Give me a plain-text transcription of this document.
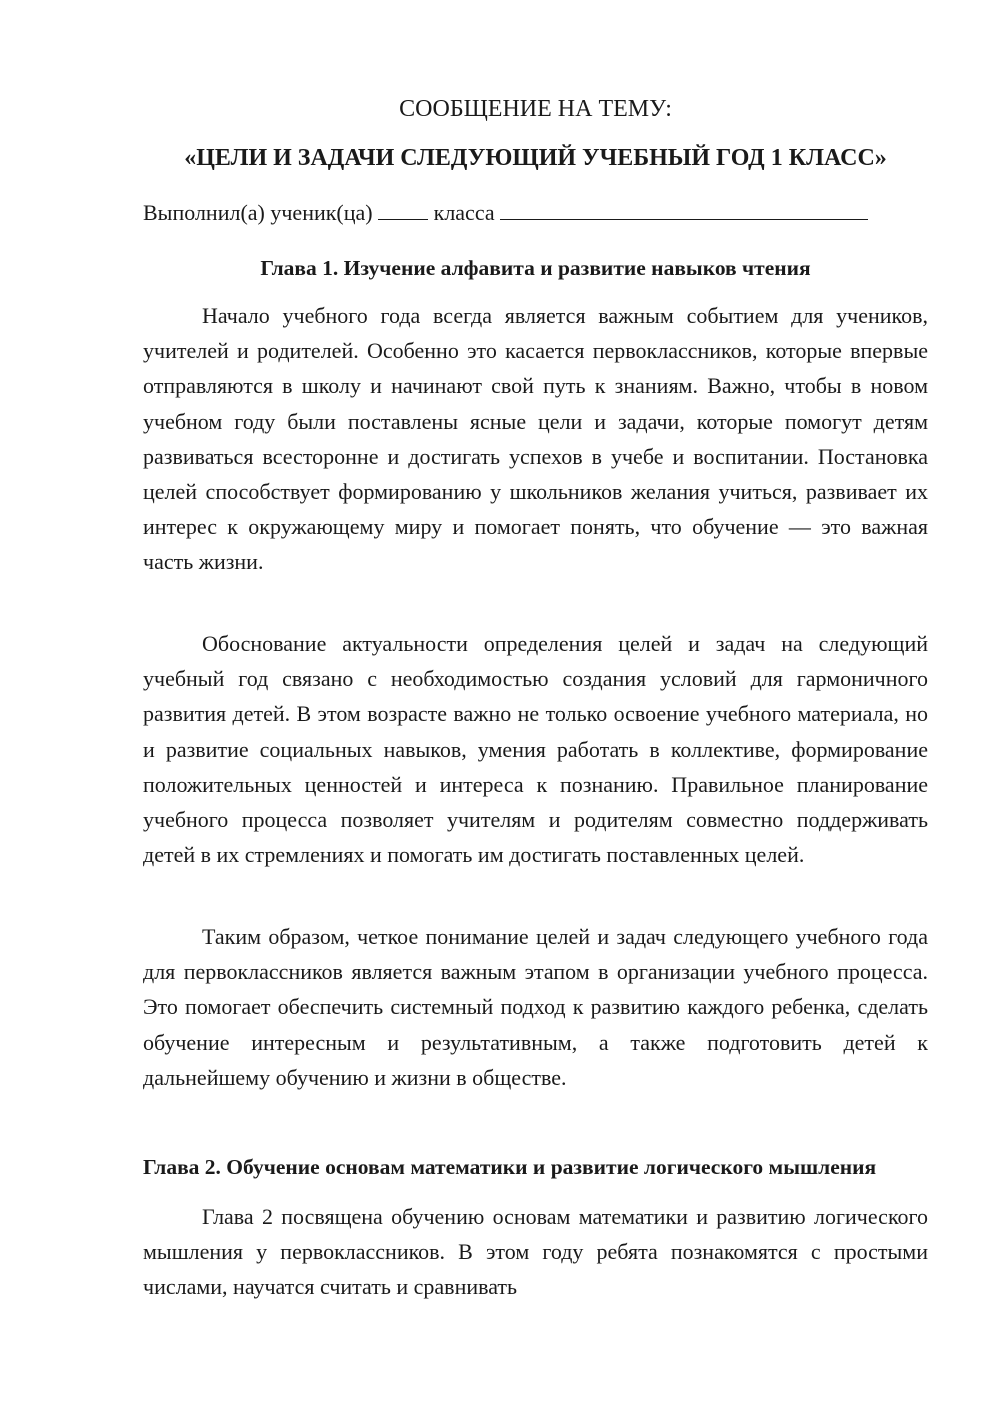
СООБЩЕНИЕ НА ТЕМУ:
«ЦЕЛИ И ЗАДАЧИ СЛЕДУЮЩИЙ УЧЕБНЫЙ ГОД 1 КЛАСС»
Выполнил(а) ученик(ца)	класса
Глава 1. Изучение алфавита и развитие навыков чтения

Начало учебного года всегда является важным событием для учеников, учителей и родителей. Особенно это касается первоклассников, которые впервые отправляются в школу и начинают свой путь к знаниям. Важно, чтобы в новом учебном году были поставлены ясные цели и задачи, которые помогут детям развиваться всесторонне и достигать успехов в учебе и воспитании. Постановка целей способствует формированию у школьников желания учиться, развивает их интерес к окружающему миру и помогает понять, что обучение — это важная часть жизни.

Обоснование актуальности определения целей и задач на следующий учебный год связано с необходимостью создания условий для гармоничного развития детей. В этом возрасте важно не только освоение учебного материала, но и развитие социальных навыков, умения работать в коллективе, формирование положительных ценностей и интереса к познанию. Правильное планирование учебного процесса позволяет учителям и родителям совместно поддерживать детей в их стремлениях и помогать им достигать поставленных целей.

Таким образом, четкое понимание целей и задач следующего учебного года для первоклассников является важным этапом в организации учебного процесса. Это помогает обеспечить системный подход к развитию каждого ребенка, сделать обучение интересным и результативным, а также подготовить детей к дальнейшему обучению и жизни в обществе.

Глава 2. Обучение основам математики и развитие логического мышления

Глава 2 посвящена обучению основам математики и развитию логического мышления у первоклассников. В этом году ребята познакомятся с простыми числами, научатся считать и сравнивать
